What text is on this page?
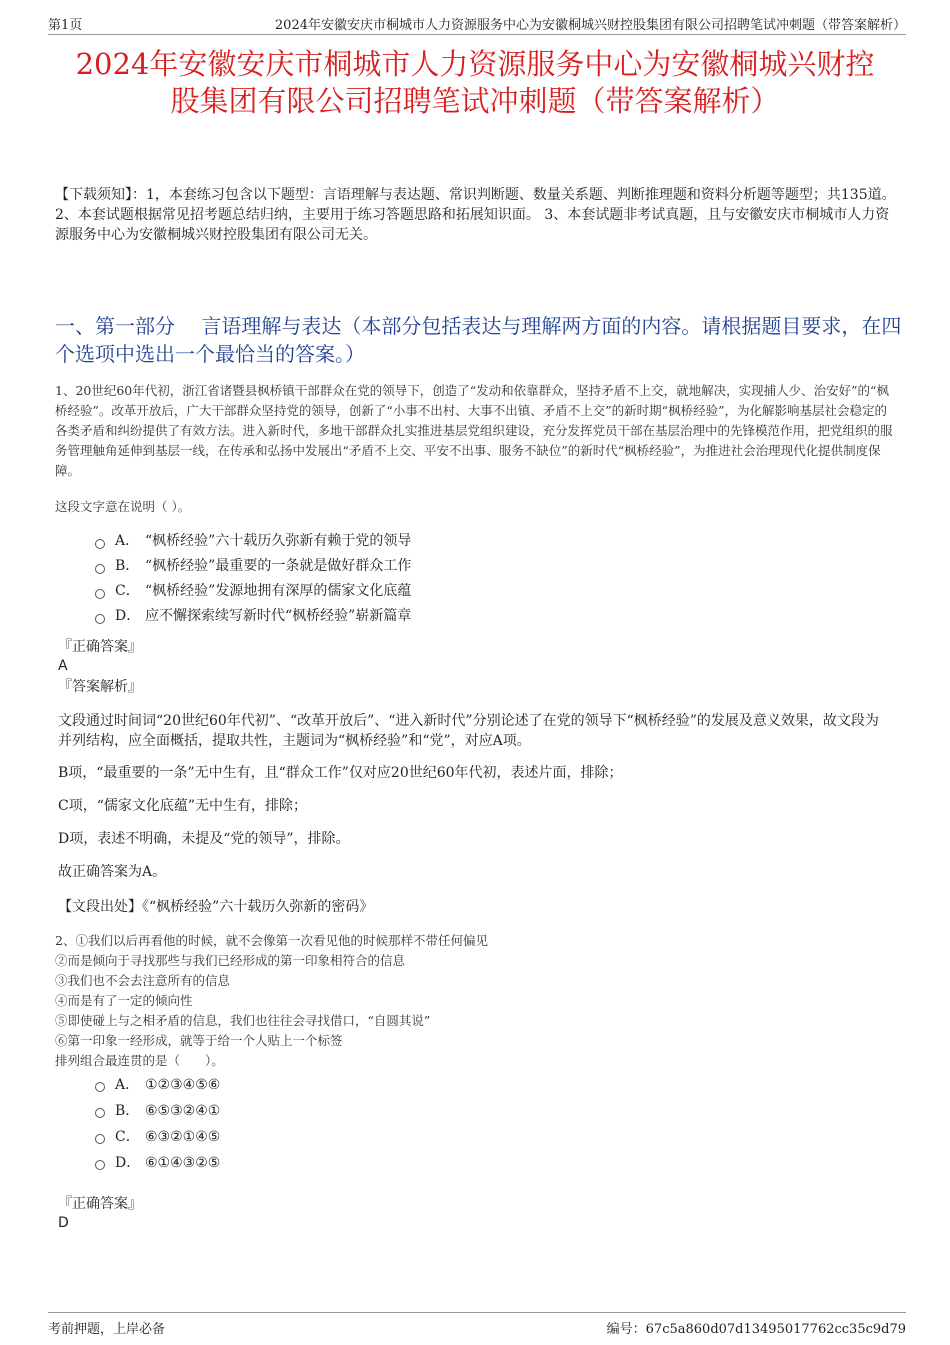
第1页	2024年安徽安庆市桐城市人力资源服务中心为安徽桐城兴财控股集团有限公司招聘笔试冲刺题（带答案解析）
2024年安徽安庆市桐城市人力资源服务中心为安徽桐城兴财控
股集团有限公司招聘笔试冲刺题（带答案解析）

【下载须知】：1，本套练习包含以下题型：言语理解与表达题、常识判断题、数量关系题、判断推理题和资料分析题等题型；共135道。 2、本套试题根据常见招考题总结归纳，主要用于练习答题思路和拓展知识面。 3、本套试题非考试真题，且与安徽安庆市桐城市人力资源服务中心为安徽桐城兴财控股集团有限公司无关。

一、第一部分　 言语理解与表达（本部分包括表达与理解两方面的内容。请根据题目要求，在四个选项中选出一个最恰当的答案。）

1、20世纪60年代初，浙江省诸暨县枫桥镇干部群众在党的领导下，创造了“发动和依靠群众，坚持矛盾不上交，就地解决，实现捕人少、治安好”的“枫桥经验”。改革开放后，广大干部群众坚持党的领导，创新了“小事不出村、大事不出镇、矛盾不上交”的新时期“枫桥经验”，为化解影响基层社会稳定的各类矛盾和纠纷提供了有效方法。进入新时代，多地干部群众扎实推进基层党组织建设，充分发挥党员干部在基层治理中的先锋模范作用，把党组织的服务管理触角延伸到基层一线，在传承和弘扬中发展出“矛盾不上交、平安不出事、服务不缺位”的新时代“枫桥经验”，为推进社会治理现代化提供制度保障。

这段文字意在说明（ ）。

A． “枫桥经验”六十载历久弥新有赖于党的领导
B． “枫桥经验”最重要的一条就是做好群众工作
C． “枫桥经验”发源地拥有深厚的儒家文化底蕴
D． 应不懈探索续写新时代“枫桥经验”崭新篇章

『正确答案』

A

『答案解析』

文段通过时间词“20世纪60年代初”、“改革开放后”、“进入新时代”分别论述了在党的领导下“枫桥经验”的发展及意义效果，故文段为并列结构，应全面概括，提取共性，主题词为“枫桥经验”和“党”，对应A项。

B项，“最重要的一条”无中生有，且“群众工作”仅对应20世纪60年代初，表述片面，排除；

C项，“儒家文化底蕴”无中生有，排除；

D项，表述不明确，未提及“党的领导”，排除。

故正确答案为A。

【文段出处】《“枫桥经验”六十载历久弥新的密码》

2、①我们以后再看他的时候，就不会像第一次看见他的时候那样不带任何偏见

②而是倾向于寻找那些与我们已经形成的第一印象相符合的信息

③我们也不会去注意所有的信息

④而是有了一定的倾向性

⑤即使碰上与之相矛盾的信息，我们也往往会寻找借口，“自圆其说”

⑥第一印象一经形成，就等于给一个人贴上一个标签

排列组合最连贯的是（　　）。

A． ①②③④⑤⑥
B． ⑥⑤③②④①
C． ⑥③②①④⑤
D． ⑥①④③②⑤

『正确答案』

D

考前押题，上岸必备	编号：67c5a860d07d13495017762cc35c9d79
